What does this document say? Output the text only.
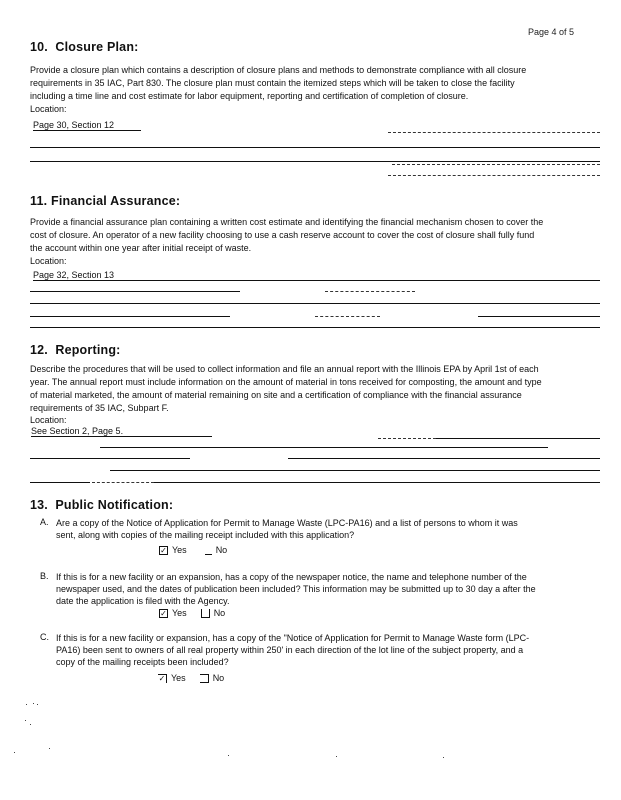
Page 4 of 5
10. Closure Plan:
Provide a closure plan which contains a description of closure plans and methods to demonstrate compliance with all closure
requirements in 35 IAC, Part 830. The closure plan must contain the itemized steps which will be taken to close the facility
including a time line and cost estimate for labor equipment, reporting and certification of completion of closure.
Location:
Page 30, Section 12
11. Financial Assurance:
Provide a financial assurance plan containing a written cost estimate and identifying the financial mechanism chosen to cover the
cost of closure. An operator of a new facility choosing to use a cash reserve account to cover the cost of closure shall fully fund
the account within one year after initial receipt of waste.
Location:
Page 32, Section 13
12. Reporting:
Describe the procedures that will be used to collect information and file an annual report with the Illinois EPA by April 1st of each
year. The annual report must include information on the amount of material in tons received for composting, the amount and type
of material marketed, the amount of material remaining on site and a certification of compliance with the financial assurance
requirements of 35 IAC, Subpart F.
Location:
See Section 2, Page 5.
13. Public Notification:
A. Are a copy of the Notice of Application for Permit to Manage Waste (LPC-PA16) and a list of persons to whom it was
sent, along with copies of the mailing receipt included with this application?
✓ Yes	No
B. If this is for a new facility or an expansion, has a copy of the newspaper notice, the name and telephone number of the
newspaper used, and the dates of publication been included? This information may be submitted up to 30 day a after the
date the application is filed with the Agency.
✓ Yes	No
C. If this is for a new facility or expansion, has a copy of the "Notice of Application for Permit to Manage Waste form (LPC-
PA16) been sent to owners of all real property within 250' in each direction of the lot line of the subject property, and a
copy of the mailing receipts been included?
✓ Yes	No
